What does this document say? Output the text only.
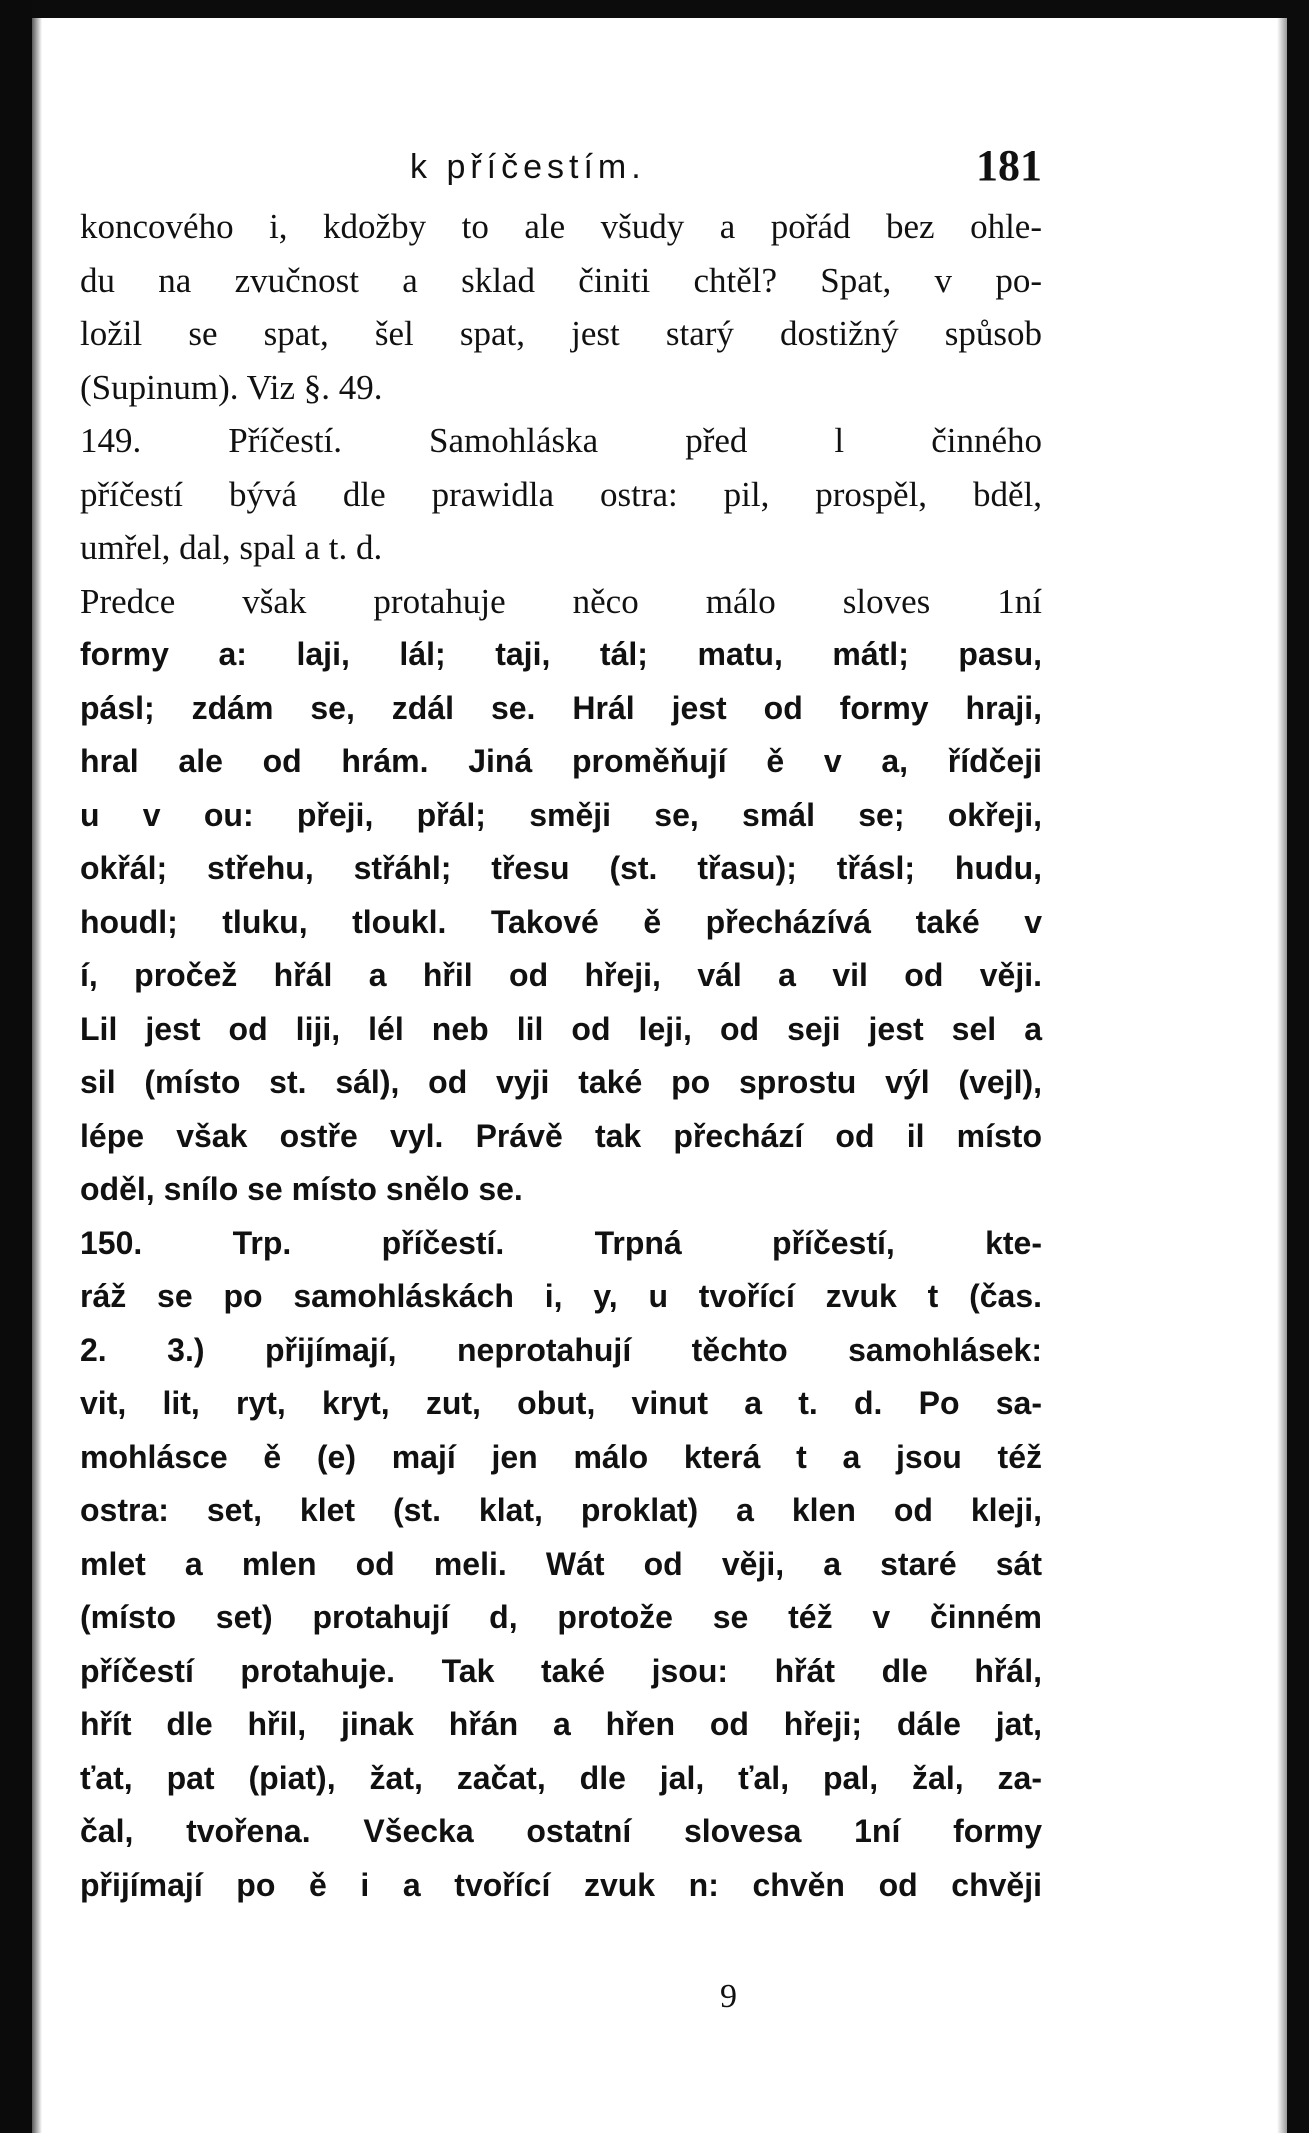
k příčestím.	181
koncového i, kdožby to ale všudy a pořád bez ohle-
du na zvučnost a sklad činiti chtěl? Spat, v po-
ložil se spat, šel spat, jest starý dostižný spůsob
(Supinum). Viz §. 49.
149. Příčestí. Samohláska před l činného
příčestí bývá dle prawidla ostra: pil, prospěl, bděl,
umřel, dal, spal a t. d.
Predce však protahuje něco málo sloves 1ní
formy a: laji, lál; taji, tál; matu, mátl; pasu,
pásl; zdám se, zdál se. Hrál jest od formy hraji,
hral ale od hrám. Jiná proměňují ě v a, řídčeji
u v ou: přeji, přál; směji se, smál se; okřeji,
okřál; střehu, střáhl; třesu (st. třasu); třásl; hudu,
houdl; tluku, tloukl. Takové ě přecházívá také v
í, pročež hřál a hřil od hřeji, vál a vil od věji.
Lil jest od liji, lél neb lil od leji, od seji jest sel a
sil (místo st. sál), od vyji také po sprostu výl (vejl),
lépe však ostře vyl. Právě tak přechází od il místo
oděl, snílo se místo snělo se.
150. Trp. příčestí. Trpná příčestí, kte-
ráž se po samohláskách i, y, u tvořící zvuk t (čas.
2. 3.) přijímají, neprotahují těchto samohlásek:
vit, lit, ryt, kryt, zut, obut, vinut a t. d. Po sa-
mohlásce ě (e) mají jen málo která t a jsou též
ostra: set, klet (st. klat, proklat) a klen od kleji,
mlet a mlen od meli. Wát od věji, a staré sát
(místo set) protahují d, protože se též v činném
příčestí protahuje. Tak také jsou: hřát dle hřál,
hřít dle hřil, jinak hřán a hřen od hřeji; dále jat,
ťat, pat (piat), žat, začat, dle jal, ťal, pal, žal, za-
čal, tvořena. Všecka ostatní slovesa 1ní formy
přijímají po ě i a tvořící zvuk n: chvěn od chvěji
9
